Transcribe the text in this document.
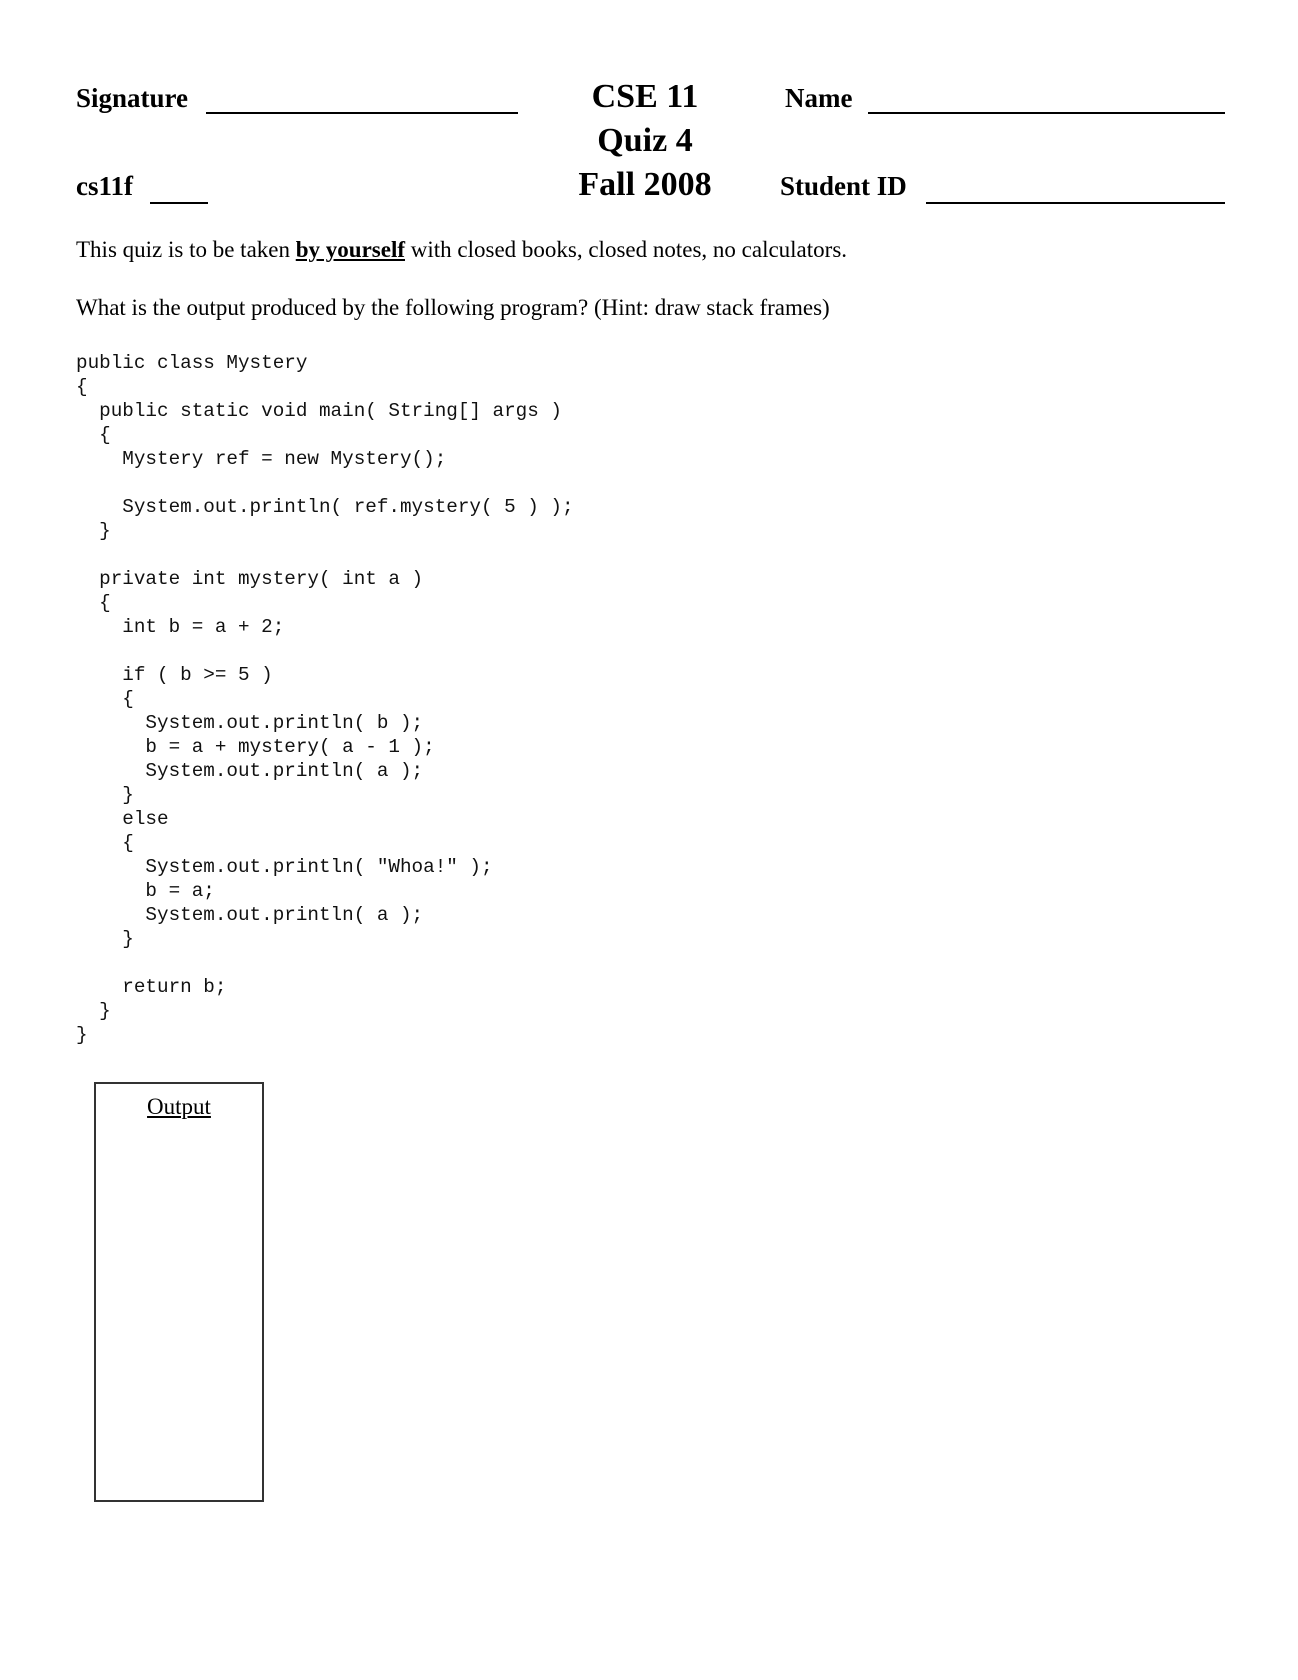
Signature	CSE 11	Name
Quiz 4
cs11f	Fall 2008	Student ID
This quiz is to be taken by yourself with closed books, closed notes, no calculators.
What is the output produced by the following program? (Hint: draw stack frames)
public class Mystery
{
public static void main( String[] args )
{
Mystery ref = new Mystery();

System.out.println( ref.mystery( 5 ) );
}

private int mystery( int a )
{
int b = a + 2;

if ( b >= 5 )
{
System.out.println( b );
b = a + mystery( a - 1 );
System.out.println( a );
}
else
{
System.out.println( "Whoa!" );
b = a;
System.out.println( a );
}

return b;
}
}
Output
